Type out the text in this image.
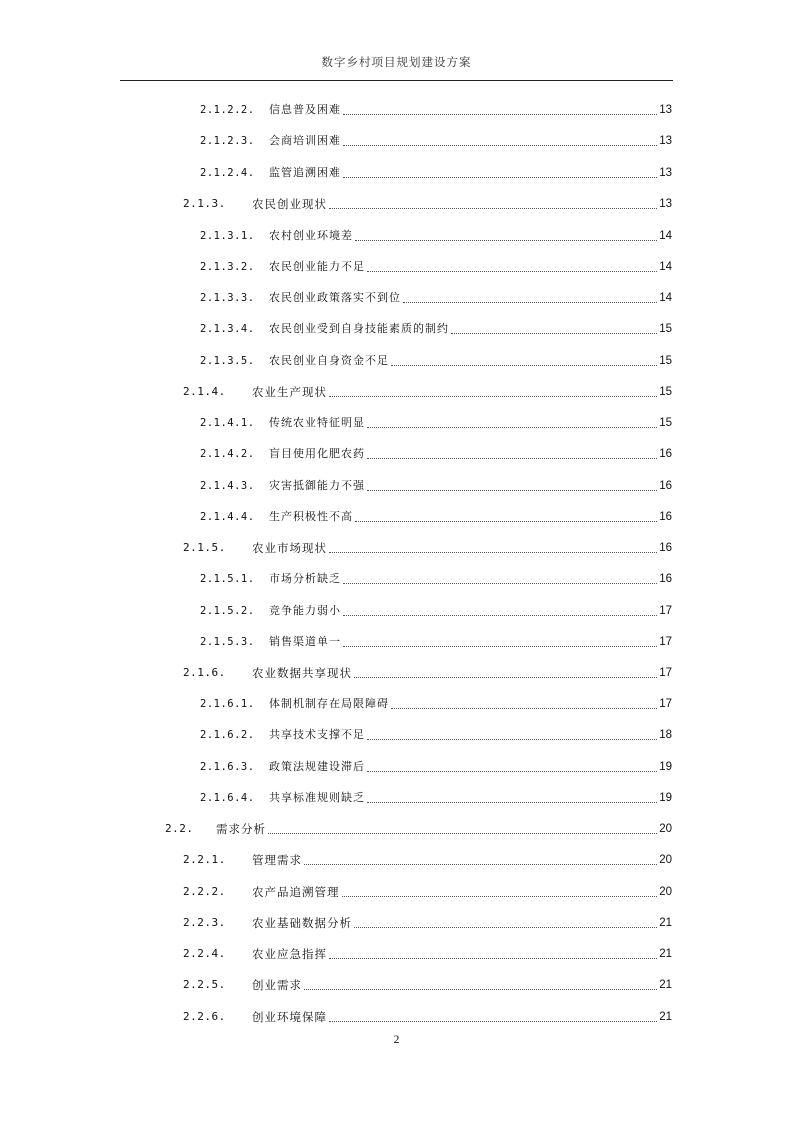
数字乡村项目规划建设方案
2.1.2.2.	信息普及困难	13
2.1.2.3.	会商培训困难	13
2.1.2.4.	监管追溯困难	13
2.1.3.	农民创业现状	13
2.1.3.1.	农村创业环境差	14
2.1.3.2.	农民创业能力不足	14
2.1.3.3.	农民创业政策落实不到位	14
2.1.3.4.	农民创业受到自身技能素质的制约	15
2.1.3.5.	农民创业自身资金不足	15
2.1.4.	农业生产现状	15
2.1.4.1.	传统农业特征明显	15
2.1.4.2.	盲目使用化肥农药	16
2.1.4.3.	灾害抵御能力不强	16
2.1.4.4.	生产积极性不高	16
2.1.5.	农业市场现状	16
2.1.5.1.	市场分析缺乏	16
2.1.5.2.	竞争能力弱小	17
2.1.5.3.	销售渠道单一	17
2.1.6.	农业数据共享现状	17
2.1.6.1.	体制机制存在局限障碍	17
2.1.6.2.	共享技术支撑不足	18
2.1.6.3.	政策法规建设滞后	19
2.1.6.4.	共享标准规则缺乏	19
2.2.	需求分析	20
2.2.1.	管理需求	20
2.2.2.	农产品追溯管理	20
2.2.3.	农业基础数据分析	21
2.2.4.	农业应急指挥	21
2.2.5.	创业需求	21
2.2.6.	创业环境保障	21
2
